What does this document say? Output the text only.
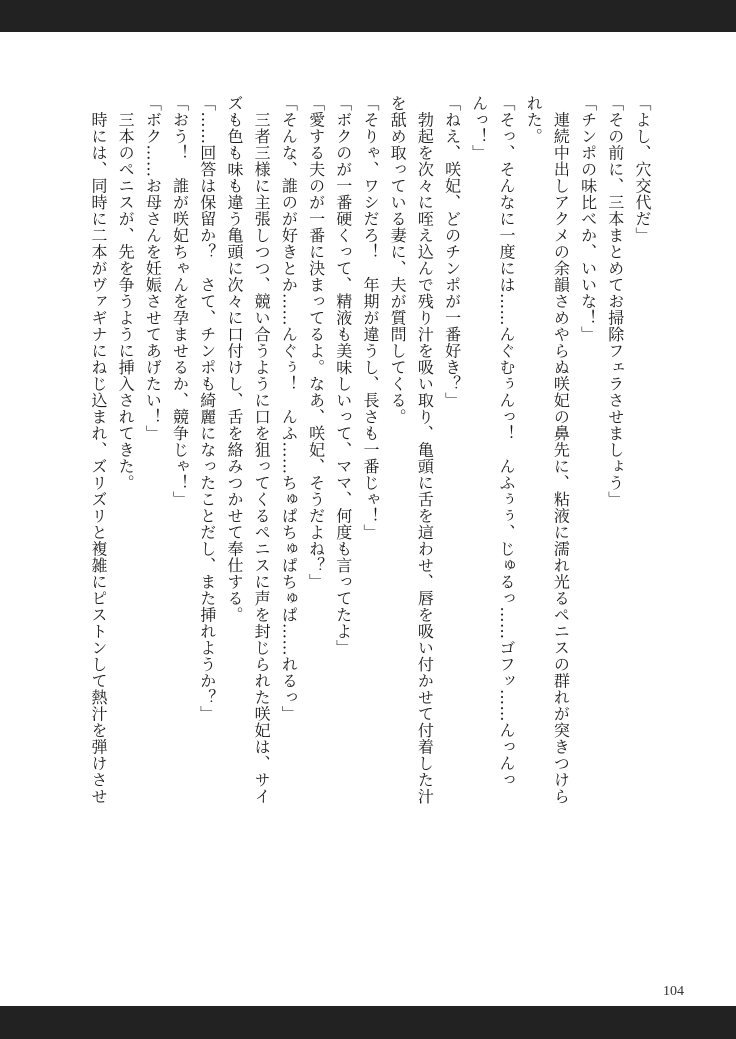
「よし、穴交代だ」

「その前に、三本まとめてお掃除フェラさせましょう」

「チンポの味比べか、いいな！」

　連続中出しアクメの余韻さめやらぬ咲妃の鼻先に、粘液に濡れ光るペニスの群れが突きつけら

れた。

「そっ、そんなに一度には……んぐむぅんっ！　んふぅぅ、じゅるっ……ゴフッ……んっんっ

んっ！」

「ねえ、咲妃、どのチンポが一番好き？」

　勃起を次々に咥え込んで残り汁を吸い取り、亀頭に舌を這わせ、唇を吸い付かせて付着した汁

を舐め取っている妻に、夫が質問してくる。

「そりゃ、ワシだろ！　年期が違うし、長さも一番じゃ！」

「ボクのが一番硬くって、精液も美味しいって、ママ、何度も言ってたよ」

「愛する夫のが一番に決まってるよ。なあ、咲妃、そうだよね？」

「そんな、誰のが好きとか……んぐぅ！　んふ……ちゅぱちゅぱちゅぱ……れるっ」

　三者三様に主張しつつ、競い合うように口を狙ってくるペニスに声を封じられた咲妃は、サイ

ズも色も味も違う亀頭に次々に口付けし、舌を絡みつかせて奉仕する。

「……回答は保留か？　さて、チンポも綺麗になったことだし、また挿れようか？」

「おう！　誰が咲妃ちゃんを孕ませるか、競争じゃ！」

「ボク……お母さんを妊娠させてあげたい！」

　三本のペニスが、先を争うように挿入されてきた。

　時には、同時に二本がヴァギナにねじ込まれ、ズリズリと複雑にピストンして熱汁を弾けさせ

104
